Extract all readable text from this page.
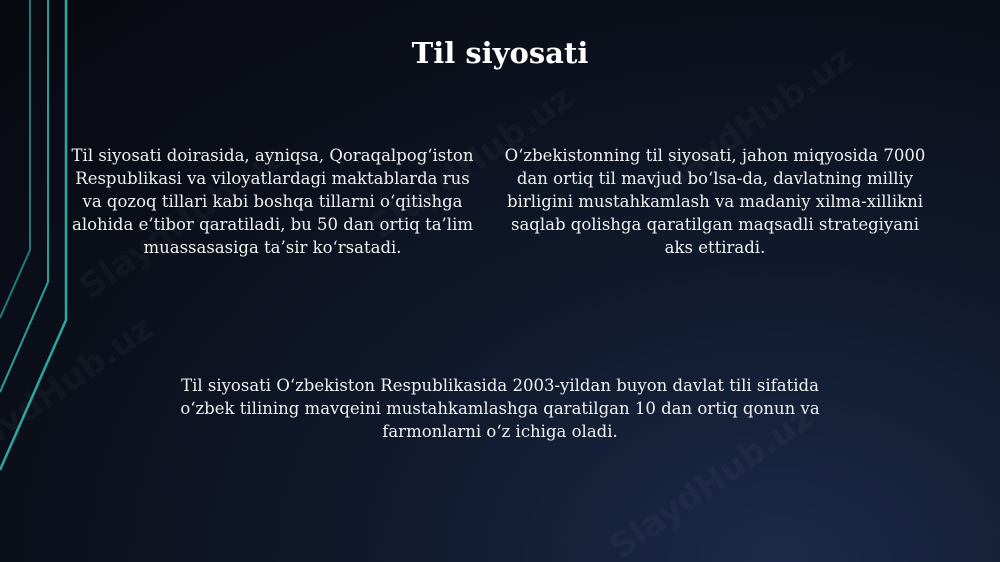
Til siyosati

Til siyosati doirasida, ayniqsa, Qoraqalpog‘iston Respublikasi va viloyatlardagi maktablarda rus va qozoq tillari kabi boshqa tillarni o‘qitishga alohida e’tibor qaratiladi, bu 50 dan ortiq ta’lim muassasasiga ta’sir ko‘rsatadi.

O‘zbekistonning til siyosati, jahon miqyosida 7000 dan ortiq til mavjud bo‘lsa-da, davlatning milliy birligini mustahkamlash va madaniy xilma-xillikni saqlab qolishga qaratilgan maqsadli strategiyani aks ettiradi.

Til siyosati O‘zbekiston Respublikasida 2003-yildan buyon davlat tili sifatida o‘zbek tilining mavqeini mustahkamlashga qaratilgan 10 dan ortiq qonun va farmonlarni o‘z ichiga oladi.
